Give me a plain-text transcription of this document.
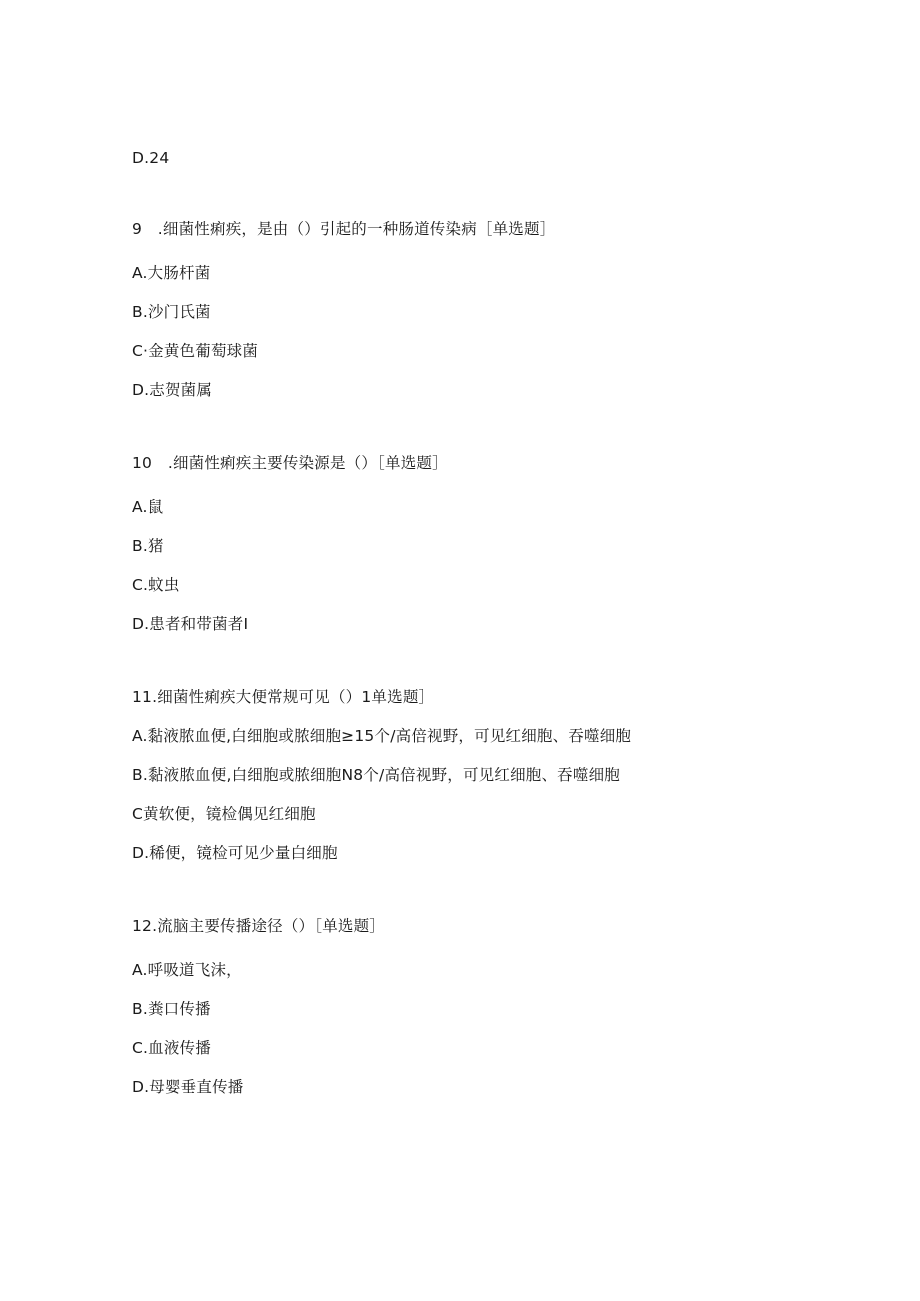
D.24
9　.细菌性痢疾，是由（）引起的一种肠道传染病［单选题］
A.大肠杆菌
B.沙门氏菌
C·金黄色葡萄球菌
D.志贺菌属
10　.细菌性痢疾主要传染源是（）［单选题］
A.鼠
B.猪
C.蚊虫
D.患者和带菌者I
11.细菌性痢疾大便常规可见（）1单选题］
A.黏液脓血便,白细胞或脓细胞≥15个/高倍视野，可见红细胞、吞噬细胞
B.黏液脓血便,白细胞或脓细胞N8个/高倍视野，可见红细胞、吞噬细胞
C黄软便，镜检偶见红细胞
D.稀便，镜检可见少量白细胞
12.流脑主要传播途径（）［单选题］
A.呼吸道飞沫，
B.粪口传播
C.血液传播
D.母婴垂直传播
